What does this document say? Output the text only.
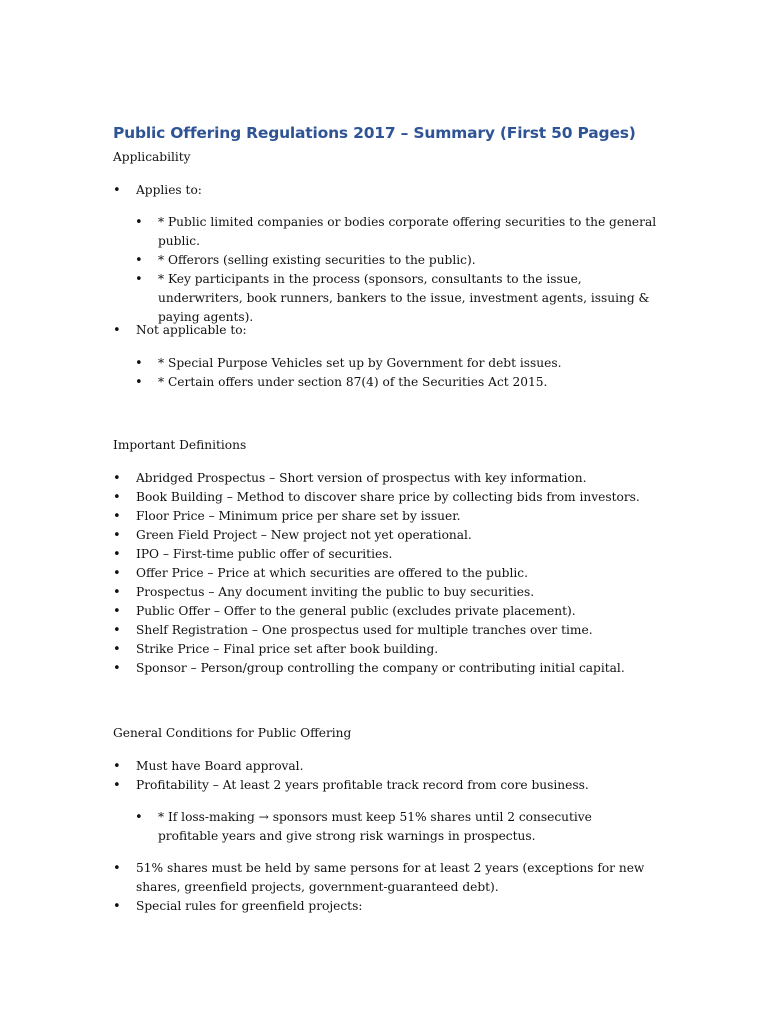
Public Offering Regulations 2017 – Summary (First 50 Pages)

Applicability

• Applies to:
• * Public limited companies or bodies corporate offering securities to the general public.
• * Offerors (selling existing securities to the public).
• * Key participants in the process (sponsors, consultants to the issue, underwriters, book runners, bankers to the issue, investment agents, issuing & paying agents).
• Not applicable to:
• * Special Purpose Vehicles set up by Government for debt issues.
• * Certain offers under section 87(4) of the Securities Act 2015.

Important Definitions

• Abridged Prospectus – Short version of prospectus with key information.
• Book Building – Method to discover share price by collecting bids from investors.
• Floor Price – Minimum price per share set by issuer.
• Green Field Project – New project not yet operational.
• IPO – First-time public offer of securities.
• Offer Price – Price at which securities are offered to the public.
• Prospectus – Any document inviting the public to buy securities.
• Public Offer – Offer to the general public (excludes private placement).
• Shelf Registration – One prospectus used for multiple tranches over time.
• Strike Price – Final price set after book building.
• Sponsor – Person/group controlling the company or contributing initial capital.

General Conditions for Public Offering

• Must have Board approval.
• Profitability – At least 2 years profitable track record from core business.
• * If loss-making → sponsors must keep 51% shares until 2 consecutive profitable years and give strong risk warnings in prospectus.
• 51% shares must be held by same persons for at least 2 years (exceptions for new shares, greenfield projects, government-guaranteed debt).
• Special rules for greenfield projects:
